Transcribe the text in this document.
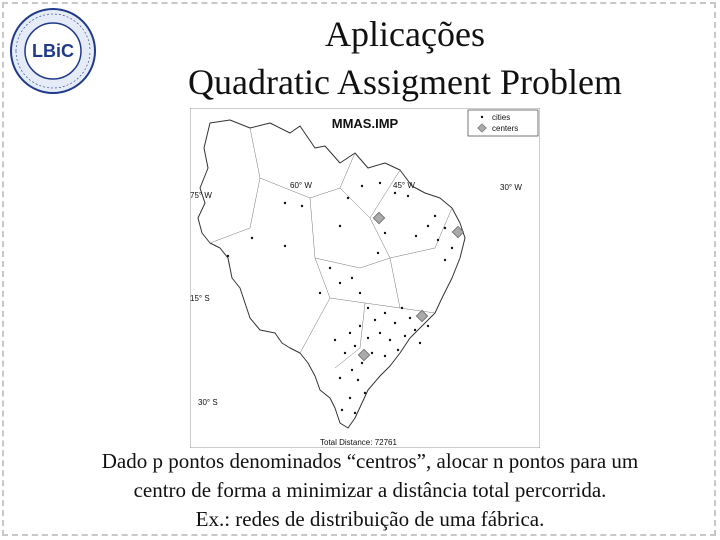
LBiC	Aplicações
Quadratic Assigment Problem
MMAS.IMP	cities
centers
75° W
60° W	45° W	30° W
15° S
30° S
Total Distance: 72761
Dado p pontos denominados “centros”, alocar n pontos para um
centro de forma a minimizar a distância total percorrida.
Ex.: redes de distribuição de uma fábrica.
